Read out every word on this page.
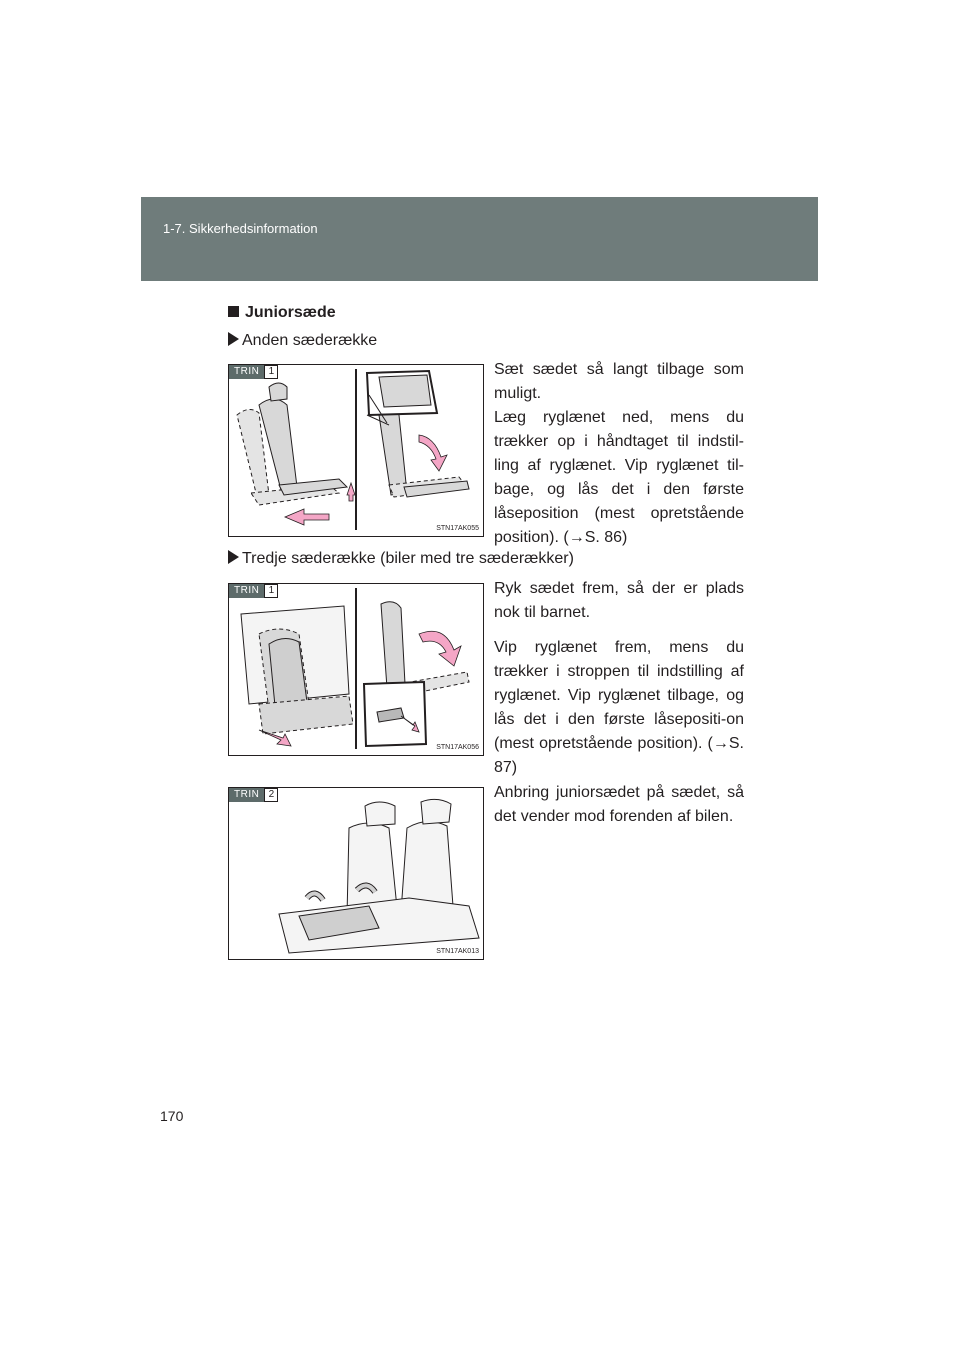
1-7. Sikkerhedsinformation
Juniorsæde
Anden sæderække
TRIN 1
STN17AK055
Sæt sædet så langt tilbage som muligt.
Læg ryglænet ned, mens du trækker op i håndtaget til indstil-ling af ryglænet. Vip ryglænet til-bage, og lås det i den første låseposition (mest opretstående position). (→S. 86)
Tredje sæderække (biler med tre sæderækker)
TRIN 1
STN17AK056
Ryk sædet frem, så der er plads nok til barnet.
Vip ryglænet frem, mens du trækker i stroppen til indstilling af ryglænet. Vip ryglænet tilbage, og lås det i den første låsepositi-on (mest opretstående position). (→S. 87)
TRIN 2
STN17AK013
Anbring juniorsædet på sædet, så det vender mod forenden af bilen.
170
